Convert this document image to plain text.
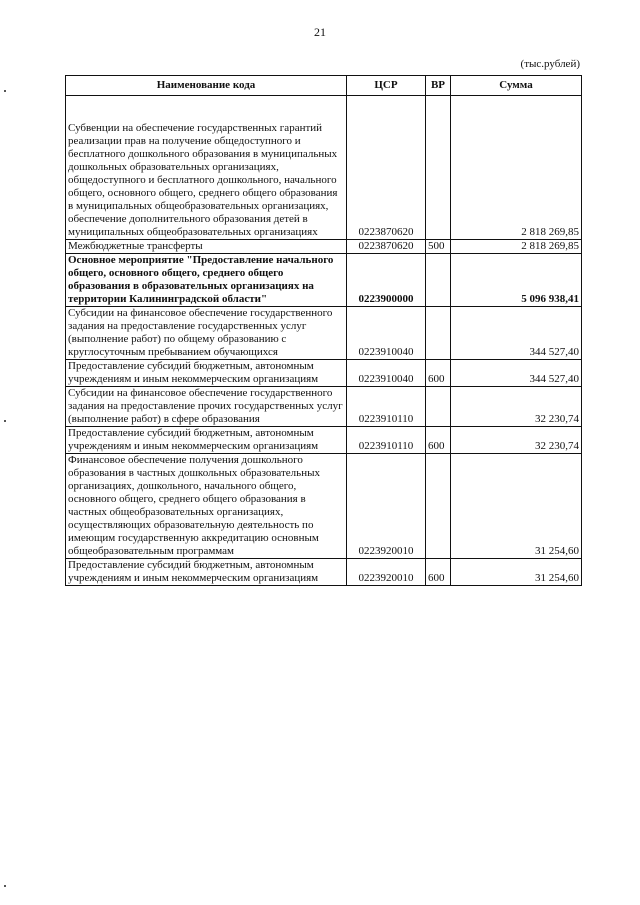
21
(тыс.рублей)
Наименование кода	ЦСР	ВР	Сумма

Субвенции на обеспечение государственных гарантий реализации прав на получение общедоступного и бесплатного дошкольного образования в муниципальных дошкольных образовательных организациях, общедоступного и бесплатного дошкольного, начального общего, основного общего, среднего общего образования в муниципальных общеобразовательных организациях, обеспечение дополнительного образования детей в муниципальных общеобразовательных организациях	0223870620		2 818 269,85
Межбюджетные трансферты	0223870620	500	2 818 269,85
Основное мероприятие "Предоставление начального общего, основного общего, среднего общего образования в образовательных организациях на территории Калининградской области"	0223900000		5 096 938,41
Субсидии на финансовое обеспечение государственного задания на предоставление государственных услуг (выполнение работ) по общему образованию с круглосуточным пребыванием обучающихся	0223910040		344 527,40
Предоставление субсидий бюджетным, автономным учреждениям и иным некоммерческим организациям	0223910040	600	344 527,40
Субсидии на финансовое обеспечение государственного задания на предоставление прочих государственных услуг (выполнение работ) в сфере образования	0223910110		32 230,74
Предоставление субсидий бюджетным, автономным учреждениям и иным некоммерческим организациям	0223910110	600	32 230,74
Финансовое обеспечение получения дошкольного образования в частных дошкольных образовательных организациях, дошкольного, начального общего, основного общего, среднего общего образования в частных общеобразовательных организациях, осуществляющих образовательную деятельность по имеющим государственную аккредитацию основным общеобразовательным программам	0223920010		31 254,60
Предоставление субсидий бюджетным, автономным учреждениям и иным некоммерческим организациям	0223920010	600	31 254,60
